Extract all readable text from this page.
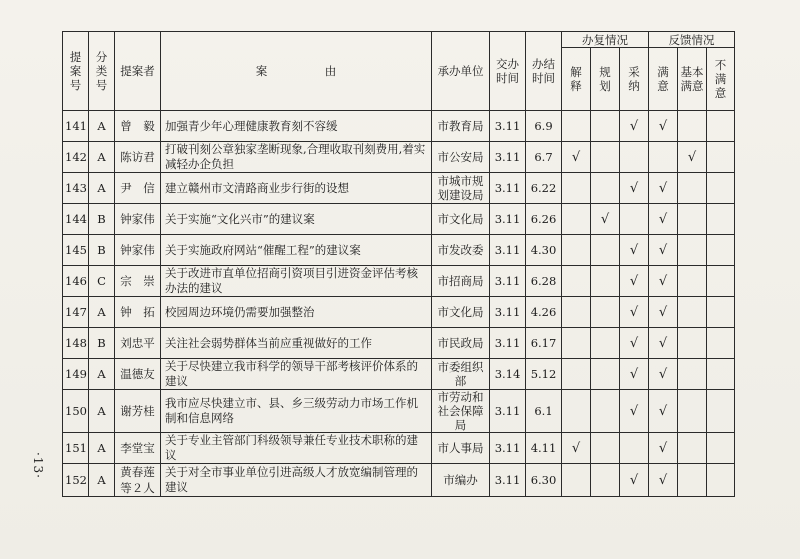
·13·
提案号	分类号	提案者	案　　　　　由	承办单位	交办时间	办结时间	办复情况			反馈情况		
							解释	规划	采纳	满意	基本满意	不满意
141	A	曾　毅	加强青少年心理健康教育刻不容缓	市教育局	3.11	6.9			√	√		
142	A	陈访君	打破刊刻公章独家垄断现象,合理收取刊刻费用,着实减轻办企负担	市公安局	3.11	6.7	√				√	
143	A	尹　信	建立赣州市文清路商业步行街的设想	市城市规划建设局	3.11	6.22			√	√		
144	B	钟家伟	关于实施“文化兴市”的建议案	市文化局	3.11	6.26		√		√		
145	B	钟家伟	关于实施政府网站“催醒工程”的建议案	市发改委	3.11	4.30			√	√		
146	C	宗　崇	关于改进市直单位招商引资项目引进资金评估考核办法的建议	市招商局	3.11	6.28			√	√		
147	A	钟　拓	校园周边环境仍需要加强整治	市文化局	3.11	4.26			√	√		
148	B	刘忠平	关注社会弱势群体当前应重视做好的工作	市民政局	3.11	6.17			√	√		
149	A	温德友	关于尽快建立我市科学的领导干部考核评价体系的建议	市委组织部	3.14	5.12			√	√		
150	A	谢芳桂	我市应尽快建立市、县、乡三级劳动力市场工作机制和信息网络	市劳动和社会保障局	3.11	6.1			√	√		
151	A	李堂宝	关于专业主管部门科级领导兼任专业技术职称的建议	市人事局	3.11	4.11	√			√		
152	A	黄春莲等２人	关于对全市事业单位引进高级人才放宽编制管理的建议	市编办	3.11	6.30			√	√		
